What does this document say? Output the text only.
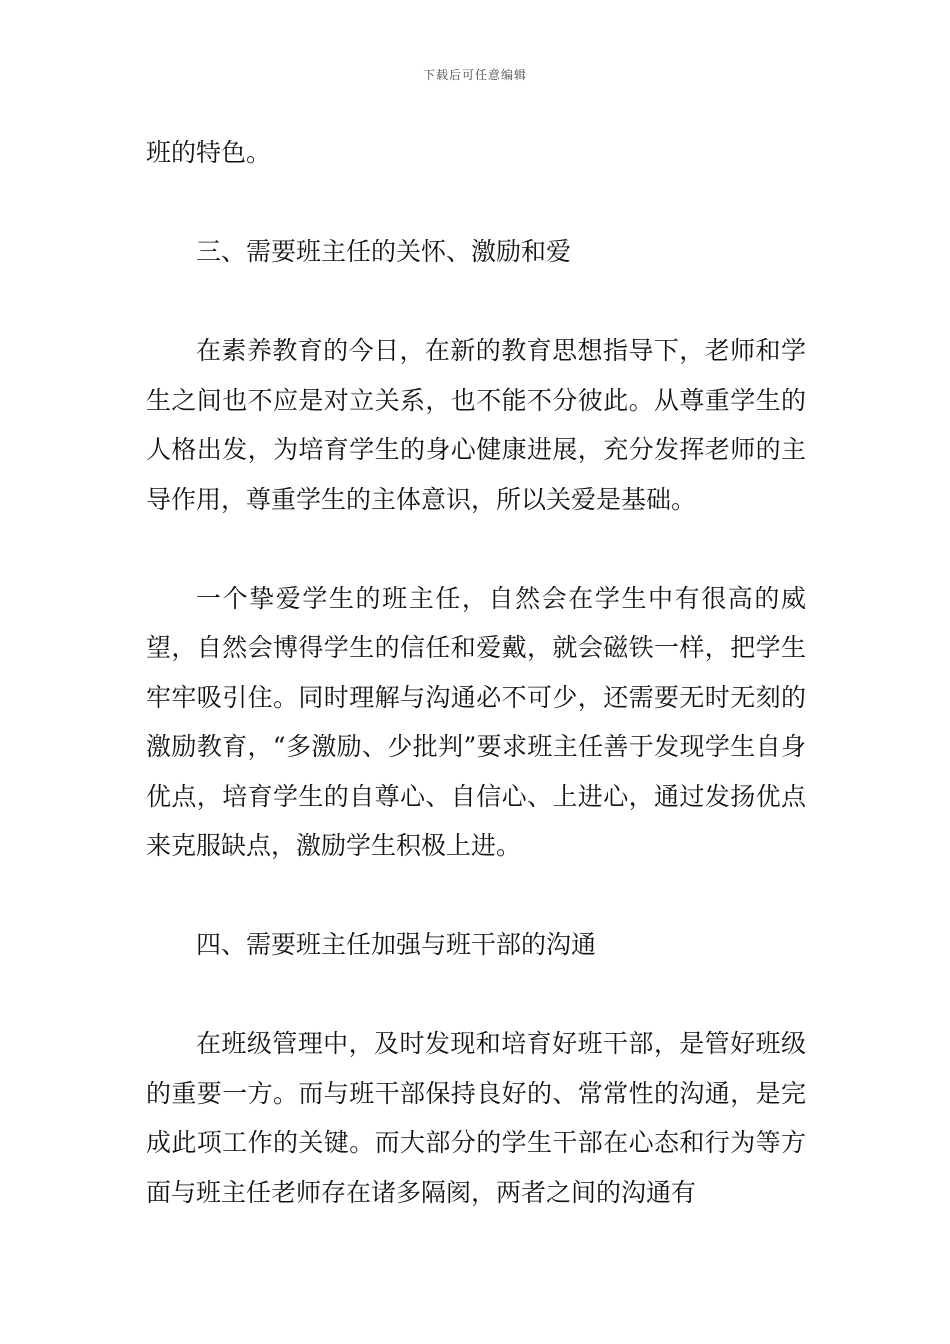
下载后可任意编辑

班的特色。

三、需要班主任的关怀、激励和爱

在素养教育的今日，在新的教育思想指导下，老师和学生之间也不应是对立关系，也不能不分彼此。从尊重学生的人格出发，为培育学生的身心健康进展，充分发挥老师的主导作用，尊重学生的主体意识，所以关爱是基础。

一个挚爱学生的班主任，自然会在学生中有很高的威望，自然会博得学生的信任和爱戴，就会磁铁一样，把学生牢牢吸引住。同时理解与沟通必不可少，还需要无时无刻的激励教育，“多激励、少批判”要求班主任善于发现学生自身优点，培育学生的自尊心、自信心、上进心，通过发扬优点来克服缺点，激励学生积极上进。

四、需要班主任加强与班干部的沟通

在班级管理中，及时发现和培育好班干部，是管好班级的重要一方。而与班干部保持良好的、常常性的沟通，是完成此项工作的关键。而大部分的学生干部在心态和行为等方面与班主任老师存在诸多隔阂，两者之间的沟通有
